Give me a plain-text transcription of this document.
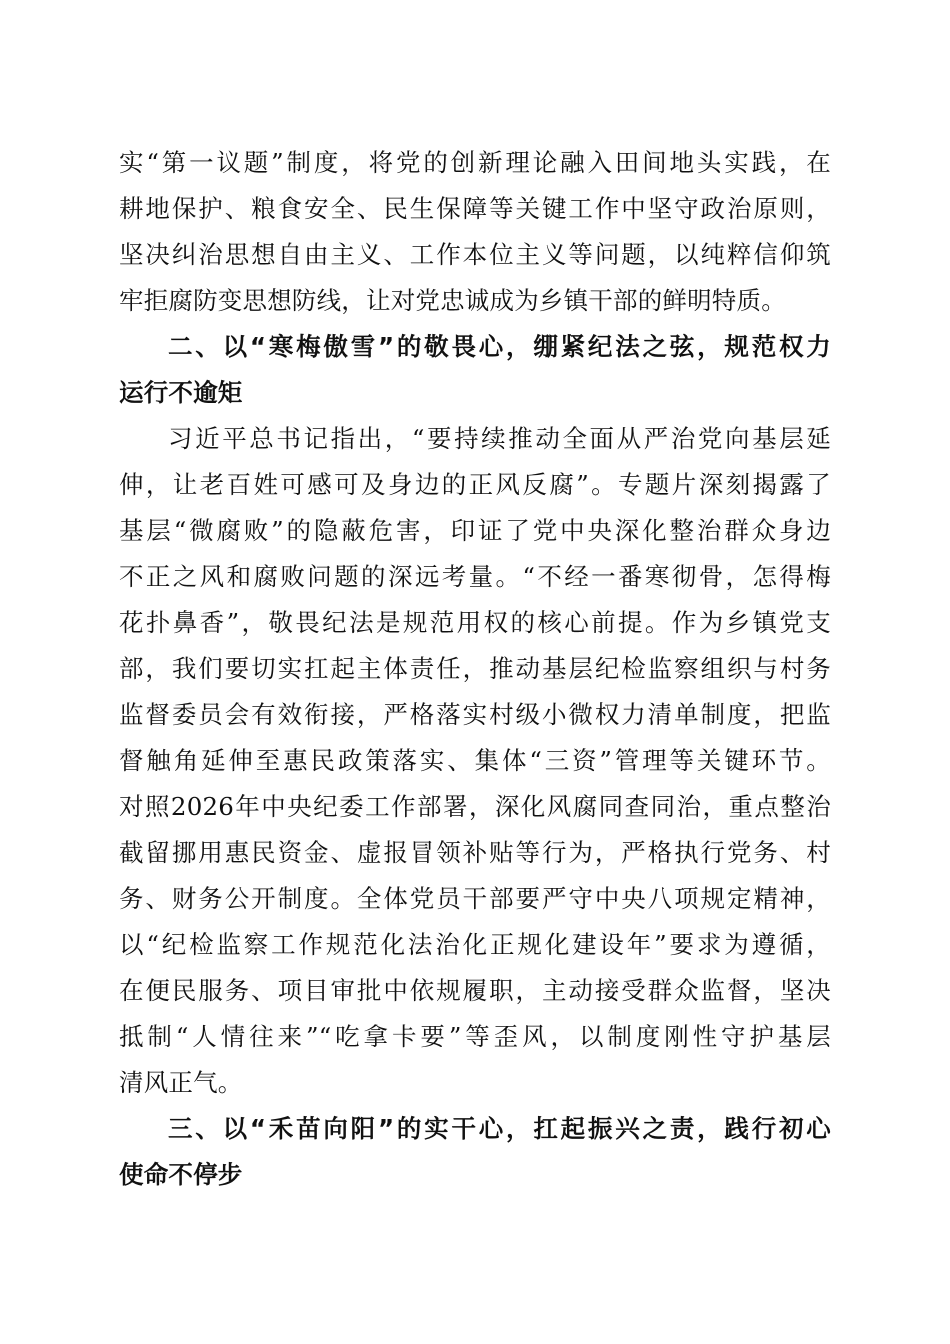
实“第一议题”制度，将党的创新理论融入田间地头实践，在
耕地保护、粮食安全、民生保障等关键工作中坚守政治原则，
坚决纠治思想自由主义、工作本位主义等问题，以纯粹信仰筑
牢拒腐防变思想防线，让对党忠诚成为乡镇干部的鲜明特质。
二、以“寒梅傲雪”的敬畏心，绷紧纪法之弦，规范权力
运行不逾矩
习近平总书记指出，“要持续推动全面从严治党向基层延
伸，让老百姓可感可及身边的正风反腐”。专题片深刻揭露了
基层“微腐败”的隐蔽危害，印证了党中央深化整治群众身边
不正之风和腐败问题的深远考量。“不经一番寒彻骨，怎得梅
花扑鼻香”，敬畏纪法是规范用权的核心前提。作为乡镇党支
部，我们要切实扛起主体责任，推动基层纪检监察组织与村务
监督委员会有效衔接，严格落实村级小微权力清单制度，把监
督触角延伸至惠民政策落实、集体“三资”管理等关键环节。
对照2026年中央纪委工作部署，深化风腐同查同治，重点整治
截留挪用惠民资金、虚报冒领补贴等行为，严格执行党务、村
务、财务公开制度。全体党员干部要严守中央八项规定精神，
以“纪检监察工作规范化法治化正规化建设年”要求为遵循，
在便民服务、项目审批中依规履职，主动接受群众监督，坚决
抵制“人情往来”“吃拿卡要”等歪风，以制度刚性守护基层
清风正气。
三、以“禾苗向阳”的实干心，扛起振兴之责，践行初心
使命不停步
